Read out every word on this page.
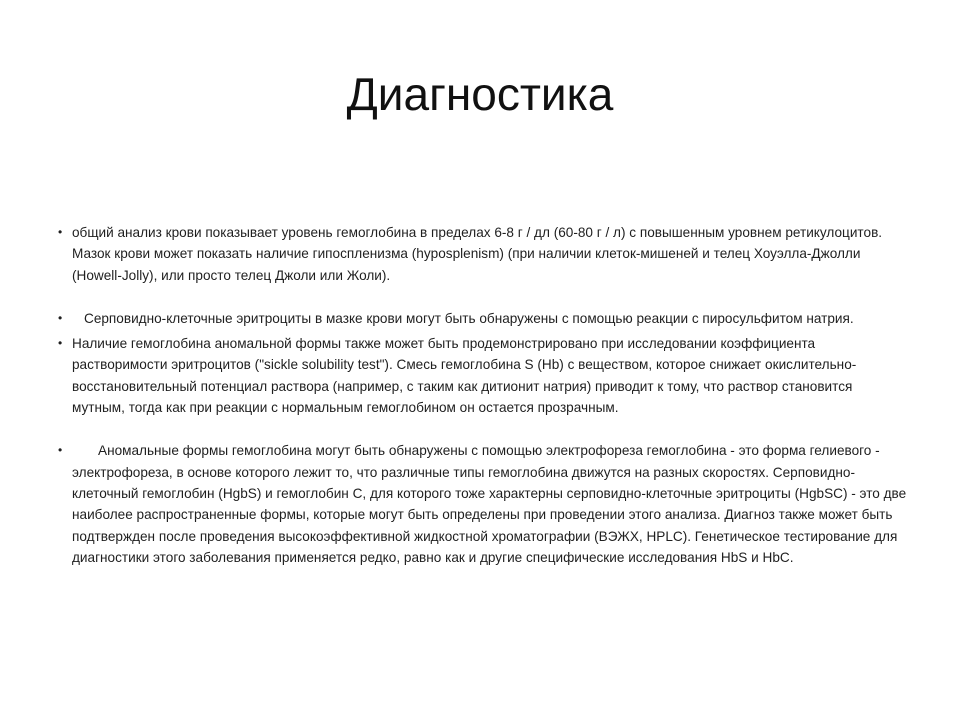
Диагностика
• общий анализ крови показывает уровень гемоглобина в пределах 6-8 г / дл (60-80 г / л) с повышенным уровнем ретикулоцитов. Мазок крови может показать наличие гипоспленизма (hyposplenism) (при наличии клеток-мишеней и телец Хоуэлла-Джолли (Howell-Jolly), или просто телец Джоли или Жоли).
•	Серповидно-клеточные эритроциты в мазке крови могут быть обнаружены с помощью реакции с пиросульфитом натрия.
• Наличие гемоглобина аномальной формы также может быть продемонстрировано при исследовании коэффициента растворимости эритроцитов ("sickle solubility test"). Смесь гемоглобина S (Hb) с веществом, которое снижает окислительно-восстановительный потенциал раствора (например, с таким как дитионит натрия) приводит к тому, что раствор становится мутным, тогда как при реакции с нормальным гемоглобином он остается прозрачным.
•	Аномальные формы гемоглобина могут быть обнаружены с помощью электрофореза гемоглобина - это форма гелиевого - электрофореза, в основе которого лежит то, что различные типы гемоглобина движутся на разных скоростях. Серповидно-клеточный гемоглобин (HgbS) и гемоглобин С, для которого тоже характерны серповидно-клеточные эритроциты (HgbSC) - это две наиболее распространенные формы, которые могут быть определены при проведении этого анализа. Диагноз также может быть подтвержден после проведения высокоэффективной жидкостной хроматографии (ВЭЖХ, HPLC). Генетическое тестирование для диагностики этого заболевания применяется редко, равно как и другие специфические исследования HbS и HbC.
